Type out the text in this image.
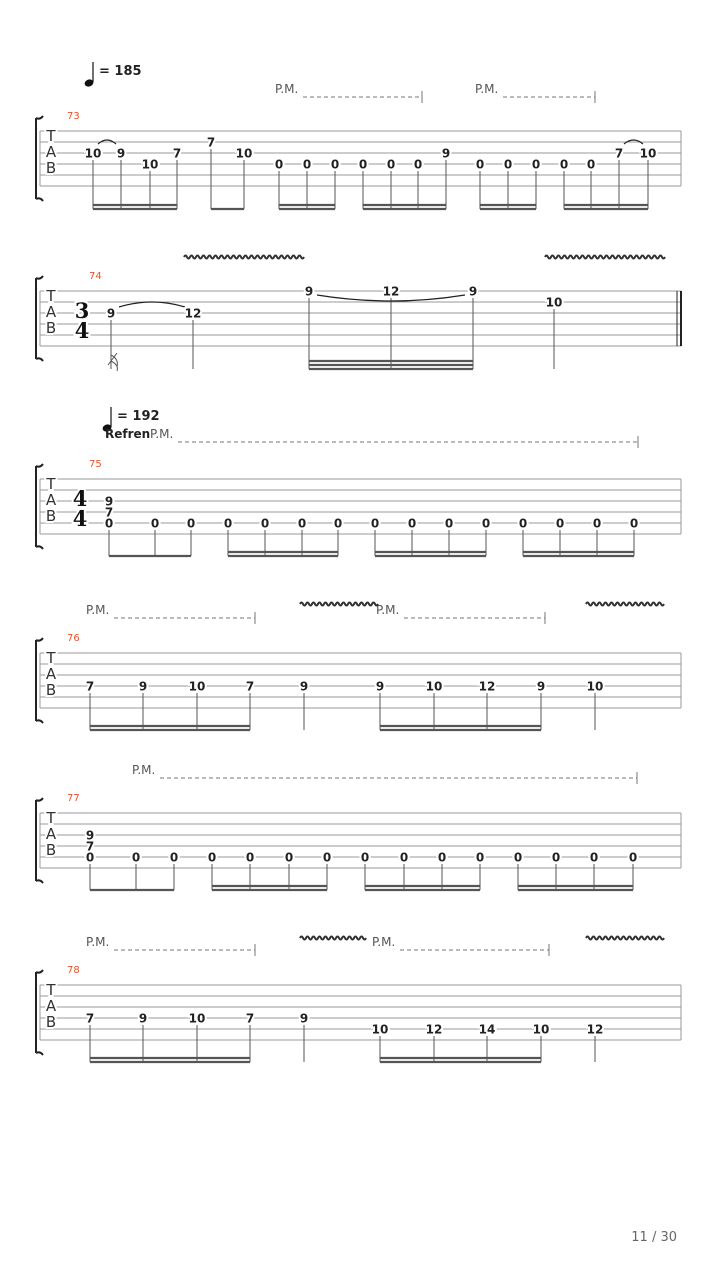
T
A
B
73
= 185
P.M.	P.M.
10 9
10
7
7
10
0 0 0 0 0 0
9
0 0 0 0 0
7 10
T
A
B
74
3
4
9	12
9	12	9
10
T
A
B
75
4
4
= 192
Refren P.M.
9
7
0	0 0 0 0 0 0 0 0 0 0 0 0 0 0
T
A
B
76
P.M.	P.M.
7	9	10	7	9	9	10	12	9	10
T
A
B
77
P.M.
9
7
0	0 0 0 0	0 0 0	0 0 0 0 0 0	0
T
A
B
78
P.M.	P.M.
7	9	10	7	9
10	12	14	10	12
11 / 30
